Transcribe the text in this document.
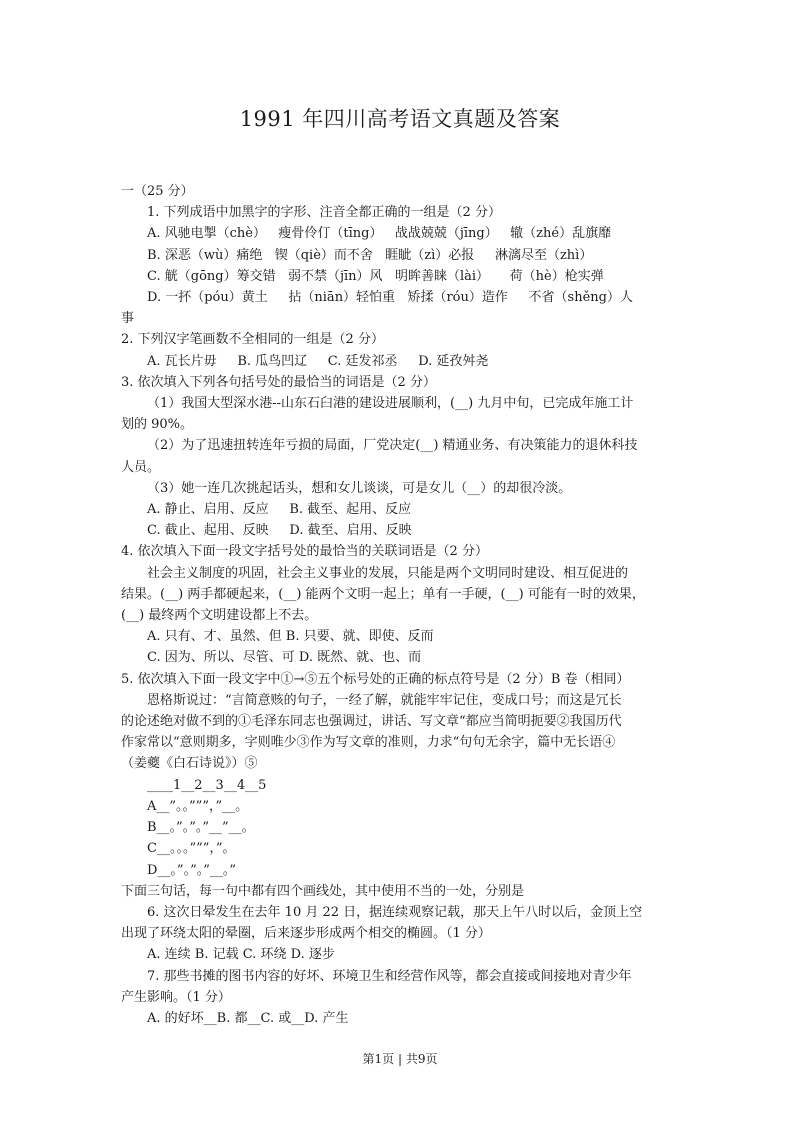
1991 年四川高考语文真题及答案
一（25 分）
1. 下列成语中加黑字的字形、注音全都正确的一组是（2 分）
A. 风驰电掣（chè）   瘦骨伶仃（tīng）   战战兢兢（jīng）   辙（zhé）乱旗靡
B. 深恶（wù）痛绝   锲（qiè）而不舍   睚眦（zì）必报     淋漓尽至（zhì）
C. 觥（gōng）筹交错   弱不禁（jīn）风   明眸善睐（lài）     荷（hè）枪实弹
D. 一抔（póu）黄土     拈（niān）轻怕重   矫揉（róu）造作     不省（shěng）人
事
2. 下列汉字笔画数不全相同的一组是（2 分）
A. 瓦长片毋     B. 瓜鸟凹辽     C. 廷发祁丞     D. 延孜舛尧
3. 依次填入下列各句括号处的最恰当的词语是（2 分）
（1）我国大型深水港--山东石臼港的建设进展顺利，(__) 九月中旬，已完成年施工计
划的 90%。
（2）为了迅速扭转连年亏损的局面，厂党决定(__) 精通业务、有决策能力的退休科技
人员。
（3）她一连几次挑起话头，想和女儿谈谈，可是女儿（__）的却很冷淡。
A. 静止、启用、反应     B. 截至、起用、反应
C. 截止、起用、反映     D. 截至、启用、反映
4. 依次填入下面一段文字括号处的最恰当的关联词语是（2 分）
社会主义制度的巩固，社会主义事业的发展，只能是两个文明同时建设、相互促进的
结果。(__) 两手都硬起来，(__) 能两个文明一起上；单有一手硬，(__) 可能有一时的效果，
(__) 最终两个文明建设都上不去。
A. 只有、才、虽然、但 B. 只要、就、即使、反而
C. 因为、所以、尽管、可 D. 既然、就、也、而
5. 依次填入下面一段文字中①→⑤五个标号处的正确的标点符号是（2 分）B 卷（相同）
恩格斯说过：“言简意赅的句子，一经了解，就能牢牢记住，变成口号；而这是冗长
的论述绝对做不到的①毛泽东同志也强调过，讲话、写文章“都应当简明扼要②我国历代
作家常以“意则期多，字则唯少③作为写文章的准则，力求“句句无余字，篇中无长语④
（姜夔《白石诗说》）⑤
____1__2__3__4__5
A__”。。”””，”__。
B__。”。”。”__”__。
C__。。。”””，”。
D__。”。”。”__。”
下面三句话，每一句中都有四个画线处，其中使用不当的一处，分别是
6. 这次日晕发生在去年 10 月 22 日，据连续观察记载，那天上午八时以后，金顶上空
出现了环绕太阳的晕圈，后来逐步形成两个相交的椭圆。（1 分）
A. 连续 B. 记载 C. 环绕 D. 逐步
7. 那些书摊的图书内容的好坏、环境卫生和经营作风等，都会直接或间接地对青少年
产生影响。（1 分）
A. 的好坏__B. 都__C. 或__D. 产生
第1页 | 共9页
